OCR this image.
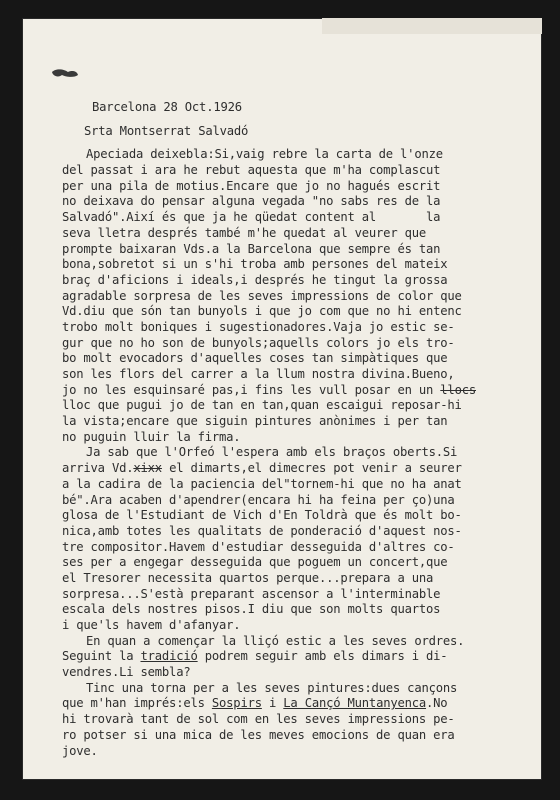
Barcelona 28 Oct.1926
Srta Montserrat Salvadó
Apeciada deixebla:Si,vaig rebre la carta de l'onze
del passat i ara he rebut aquesta que m'ha complascut
per una pila de motius.Encare que jo no hagués escrit
no deixava do pensar alguna vegada "no sabs res de la
Salvadó".Així és que ja he qüedat content al       la
seva lletra després també m'he quedat al veurer que
prompte baixaran Vds.a la Barcelona que sempre és tan
bona,sobretot si un s'hi troba amb persones del mateix
braç d'aficions i ideals,i després he tingut la grossa
agradable sorpresa de les seves impressions de color que
Vd.diu que són tan bunyols i que jo com que no hi entenc
trobo molt boniques i sugestionadores.Vaja jo estic se-
gur que no ho son de bunyols;aquells colors jo els tro-
bo molt evocadors d'aquelles coses tan simpàtiques que
son les flors del carrer a la llum nostra divina.Bueno,
jo no les esquinsaré pas,i fins les vull posar en un llocs
lloc que pugui jo de tan en tan,quan escaigui reposar-hi
la vista;encare que siguin pintures anònimes i per tan
no puguin lluir la firma.
Ja sab que l'Orfeó l'espera amb els braços oberts.Si
arriva Vd.xixx el dimarts,el dimecres pot venir a seurer
a la cadira de la paciencia del"tornem-hi que no ha anat
bé".Ara acaben d'apendrer(encara hi ha feina per ço)una
glosa de l'Estudiant de Vich d'En Toldrà que és molt bo-
nica,amb totes les qualitats de ponderació d'aquest nos-
tre compositor.Havem d'estudiar desseguida d'altres co-
ses per a engegar desseguida que poguem un concert,que
el Tresorer necessita quartos perque...prepara a una
sorpresa...S'està preparant ascensor a l'interminable
escala dels nostres pisos.I diu que son molts quartos
i que'ls havem d'afanyar.
En quan a començar la lliçó estic a les seves ordres.
Seguint la tradició podrem seguir amb els dimars i di-
vendres.Li sembla?
Tinc una torna per a les seves pintures:dues cançons
que m'han imprés:els Sospirs i La Cançó Muntanyenca.No
hi trovarà tant de sol com en les seves impressions pe-
ro potser si una mica de les meves emocions de quan era
jove.
